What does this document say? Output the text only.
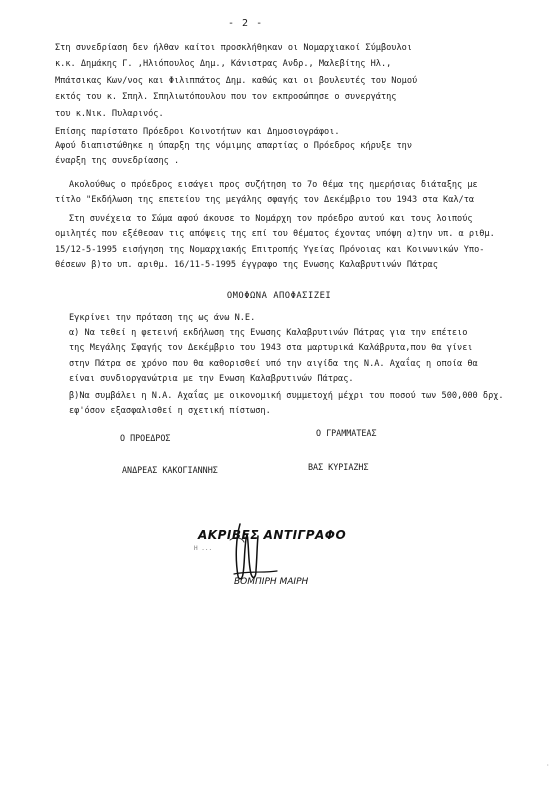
- 2 -
Στη συνεδρίαση δεν ήλθαν καίτοι προσκλήθηκαν οι Νομαρχιακοί Σύμβουλοι
κ.κ. Δημάκης Γ. ,Ηλιόπουλος Δημ., Κάνιστρας Ανδρ., Μαλεβίτης Ηλ.,
Μπάτσικας Κων/νος και Φιλιππάτος Δημ. καθώς και οι βουλευτές του Νομού
εκτός του κ. Σπηλ. Σπηλιωτόπουλου που τον εκπροσώπησε ο συνεργάτης
του κ.Νικ. Πυλαρινός.
Επίσης παρίστατο Πρόεδροι Κοινοτήτων και Δημοσιογράφοι.
Αφού διαπιστώθηκε η ύπαρξη της νόμιμης απαρτίας ο Πρόεδρος κήρυξε την
έναρξη της συνεδρίασης .
Ακολούθως ο πρόεδρος εισάγει προς συζήτηση το 7ο θέμα της ημερήσιας διάταξης με
τίτλο "Εκδήλωση της επετείου της μεγάλης σφαγής τον Δεκέμβριο του 1943 στα Καλ/τα
Στη συνέχεια το Σώμα αφού άκουσε το Νομάρχη τον πρόεδρο αυτού και τους λοιπούς
ομιλητές που εξέθεσαν τις απόψεις της επί του θέματος έχοντας υπόψη α)την υπ. α ριθμ.
15/12-5-1995 εισήγηση της Νομαρχιακής Επιτροπής Υγείας Πρόνοιας και Κοινωνικών Υπο-
θέσεων β)το υπ. αριθμ. 16/11-5-1995 έγγραφο της Ενωσης Καλαβρυτινών Πάτρας
ΟΜΟΦΩΝΑ ΑΠΟΦΑΣΙΖΕΙ
Εγκρίνει την πρόταση της ως άνω Ν.Ε.
α) Να τεθεί η φετεινή εκδήλωση της Ενωσης Καλαβρυτινών Πάτρας για την επέτειο
της Μεγάλης Σφαγής τον Δεκέμβριο του 1943 στα μαρτυρικά Καλάβρυτα,που θα γίνει
στην Πάτρα σε χρόνο που θα καθορισθεί υπό την αιγίδα της Ν.Α. Αχαΐας η οποία θα
είναι συνδιοργανώτρια με την Ενωση Καλαβρυτινών Πάτρας.
β)Να συμβάλει η Ν.Α. Αχαΐας με οικονομική συμμετοχή μέχρι του ποσού των 500,000 δρχ.
εφ'όσον εξασφαλισθεί η σχετική πίστωση.
Ο ΠΡΟΕΔΡΟΣ	Ο ΓΡΑΜΜΑΤΕΑΣ
ΑΝΔΡΕΑΣ ΚΑΚΟΓΙΑΝΝΗΣ	ΒΑΣ ΚΥΡΙΑΖΗΣ
ΑΚΡΙΒΕΣ ΑΝΤΙΓΡΑΦΟ
Η ...
ΒΟΜΠΙΡΗ ΜΑΙΡΗ
·
